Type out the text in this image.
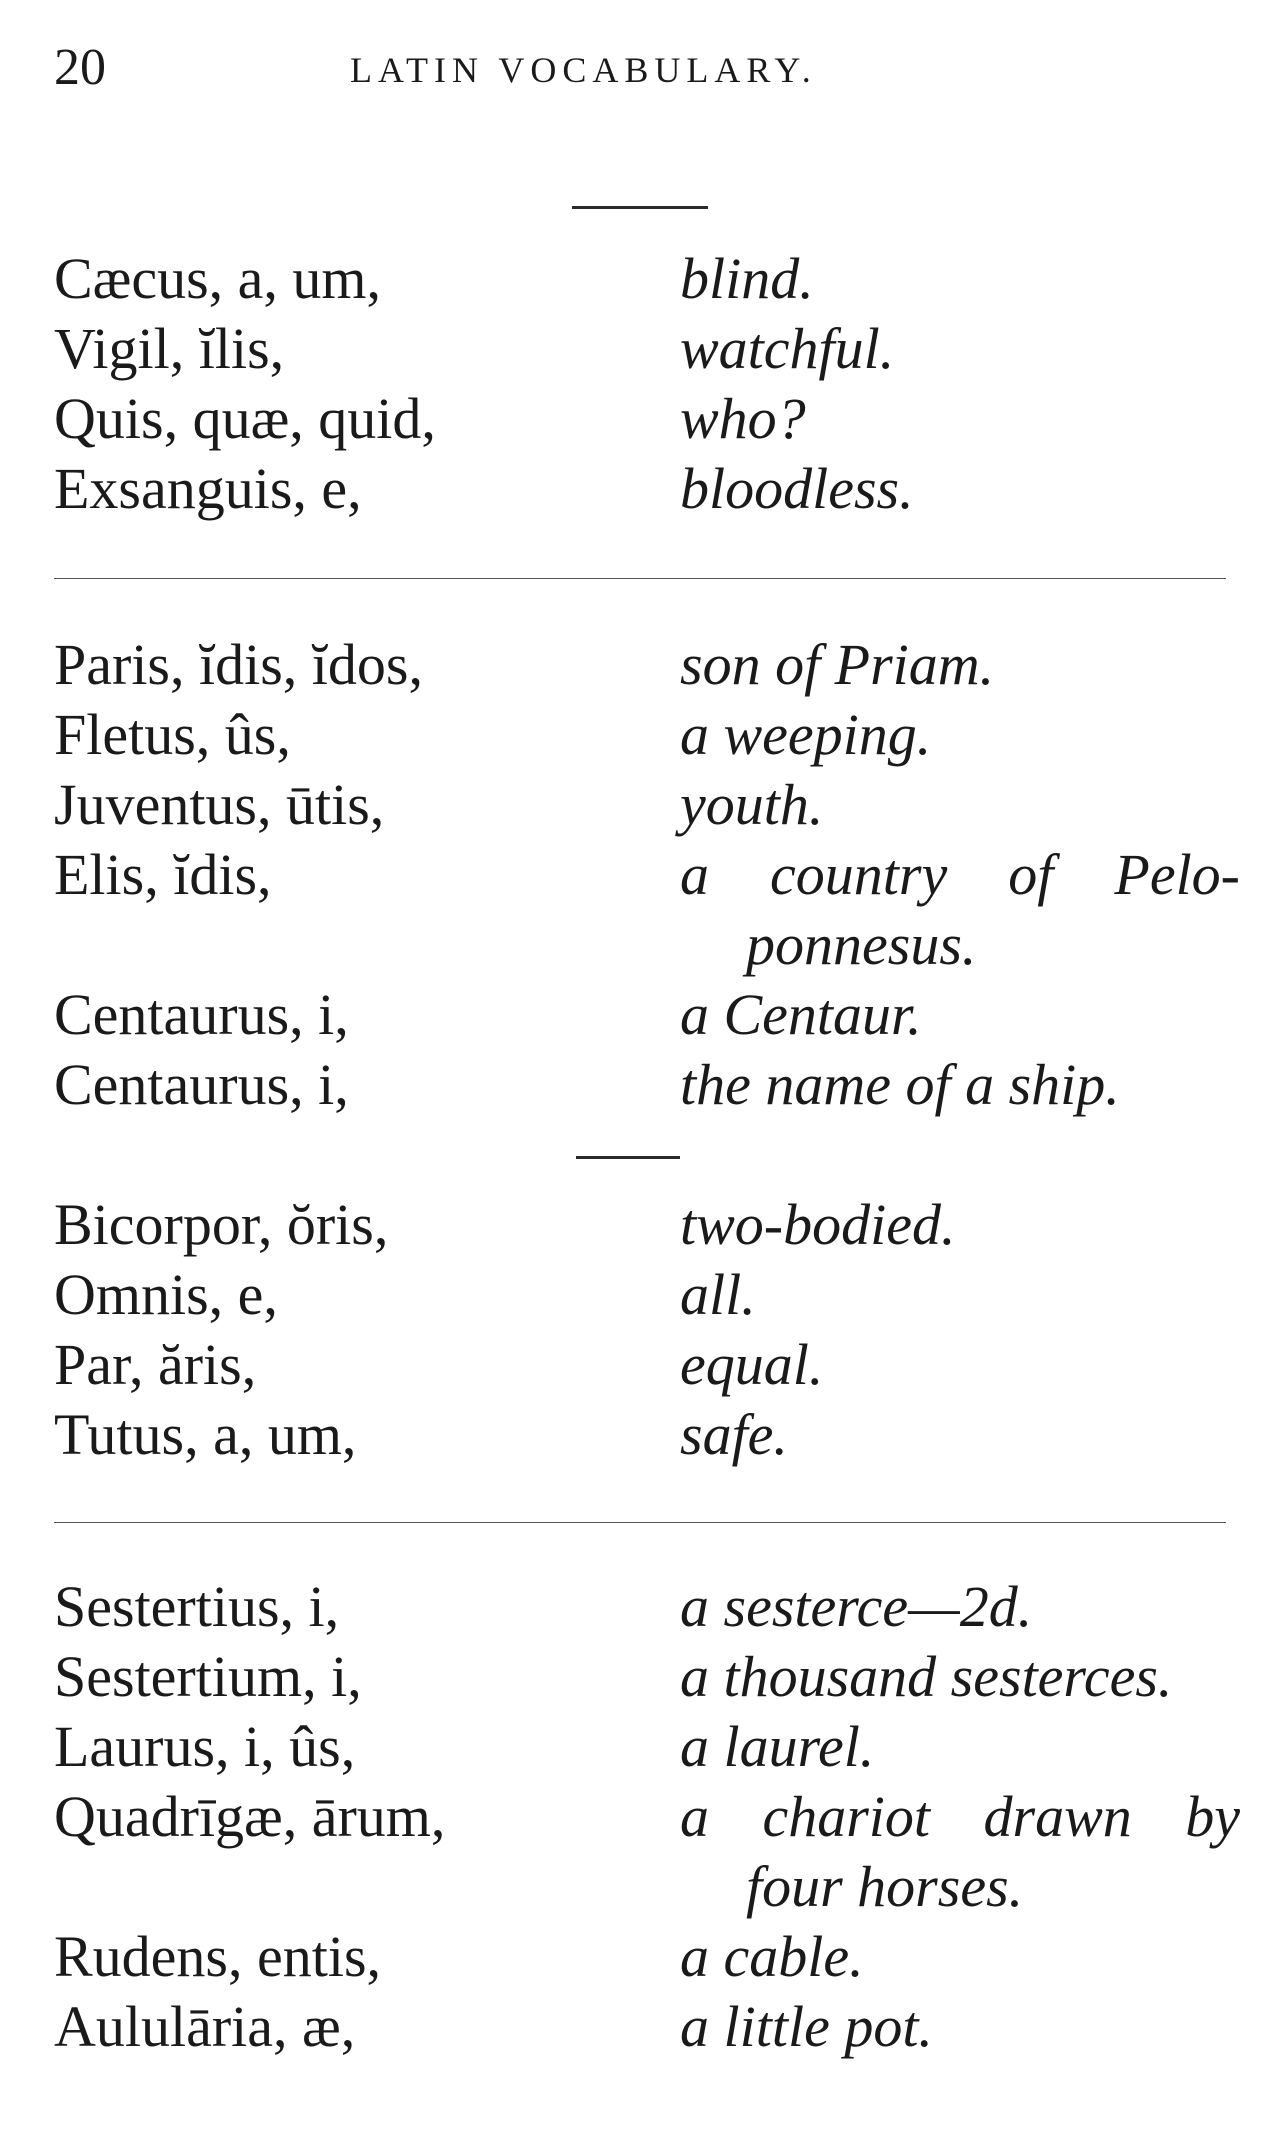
20	LATIN VOCABULARY.
Cæcus, a, um,	blind.
Vigil, ĭlis,	watchful.
Quis, quæ, quid,	who?
Exsanguis, e,	bloodless.
Paris, ĭdis, ĭdos,	son of Priam.
Fletus, ûs,	a weeping.
Juventus, ūtis,	youth.
Elis, ĭdis,	a country of Pelo-
ponnesus.
Centaurus, i,	a Centaur.
Centaurus, i,	the name of a ship.
Bicorpor, ŏris,	two-bodied.
Omnis, e,	all.
Par, ăris,	equal.
Tutus, a, um,	safe.
Sestertius, i,	a sesterce—2d.
Sestertium, i,	a thousand sesterces.
Laurus, i, ûs,	a laurel.
Quadrīgæ, ārum,	a chariot drawn by
four horses.
Rudens, entis,	a cable.
Aululāria, æ,	a little pot.
